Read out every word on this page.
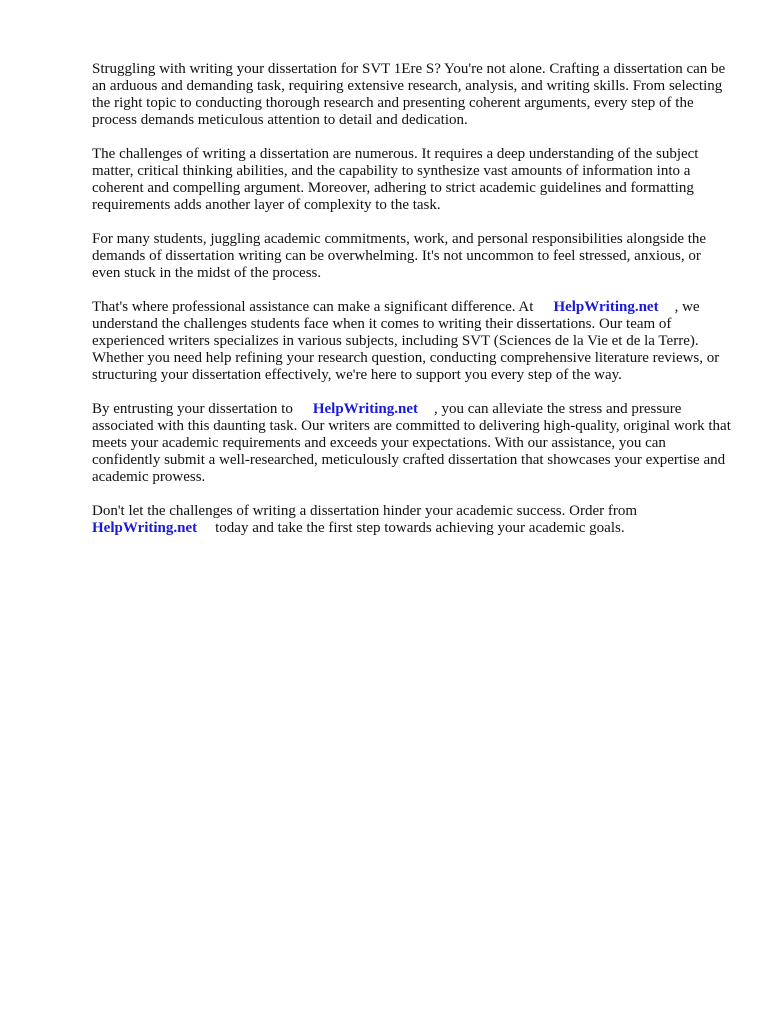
Struggling with writing your dissertation for SVT 1Ere S? You're not alone. Crafting a dissertation can be an arduous and demanding task, requiring extensive research, analysis, and writing skills. From selecting the right topic to conducting thorough research and presenting coherent arguments, every step of the process demands meticulous attention to detail and dedication.

The challenges of writing a dissertation are numerous. It requires a deep understanding of the subject matter, critical thinking abilities, and the capability to synthesize vast amounts of information into a coherent and compelling argument. Moreover, adhering to strict academic guidelines and formatting requirements adds another layer of complexity to the task.

For many students, juggling academic commitments, work, and personal responsibilities alongside the demands of dissertation writing can be overwhelming. It's not uncommon to feel stressed, anxious, or even stuck in the midst of the process.

That's where professional assistance can make a significant difference. At HelpWriting.net , we understand the challenges students face when it comes to writing their dissertations. Our team of experienced writers specializes in various subjects, including SVT (Sciences de la Vie et de la Terre). Whether you need help refining your research question, conducting comprehensive literature reviews, or structuring your dissertation effectively, we're here to support you every step of the way.

By entrusting your dissertation to HelpWriting.net , you can alleviate the stress and pressure associated with this daunting task. Our writers are committed to delivering high-quality, original work that meets your academic requirements and exceeds your expectations. With our assistance, you can confidently submit a well-researched, meticulously crafted dissertation that showcases your expertise and academic prowess.

Don't let the challenges of writing a dissertation hinder your academic success. Order from HelpWriting.net today and take the first step towards achieving your academic goals.
